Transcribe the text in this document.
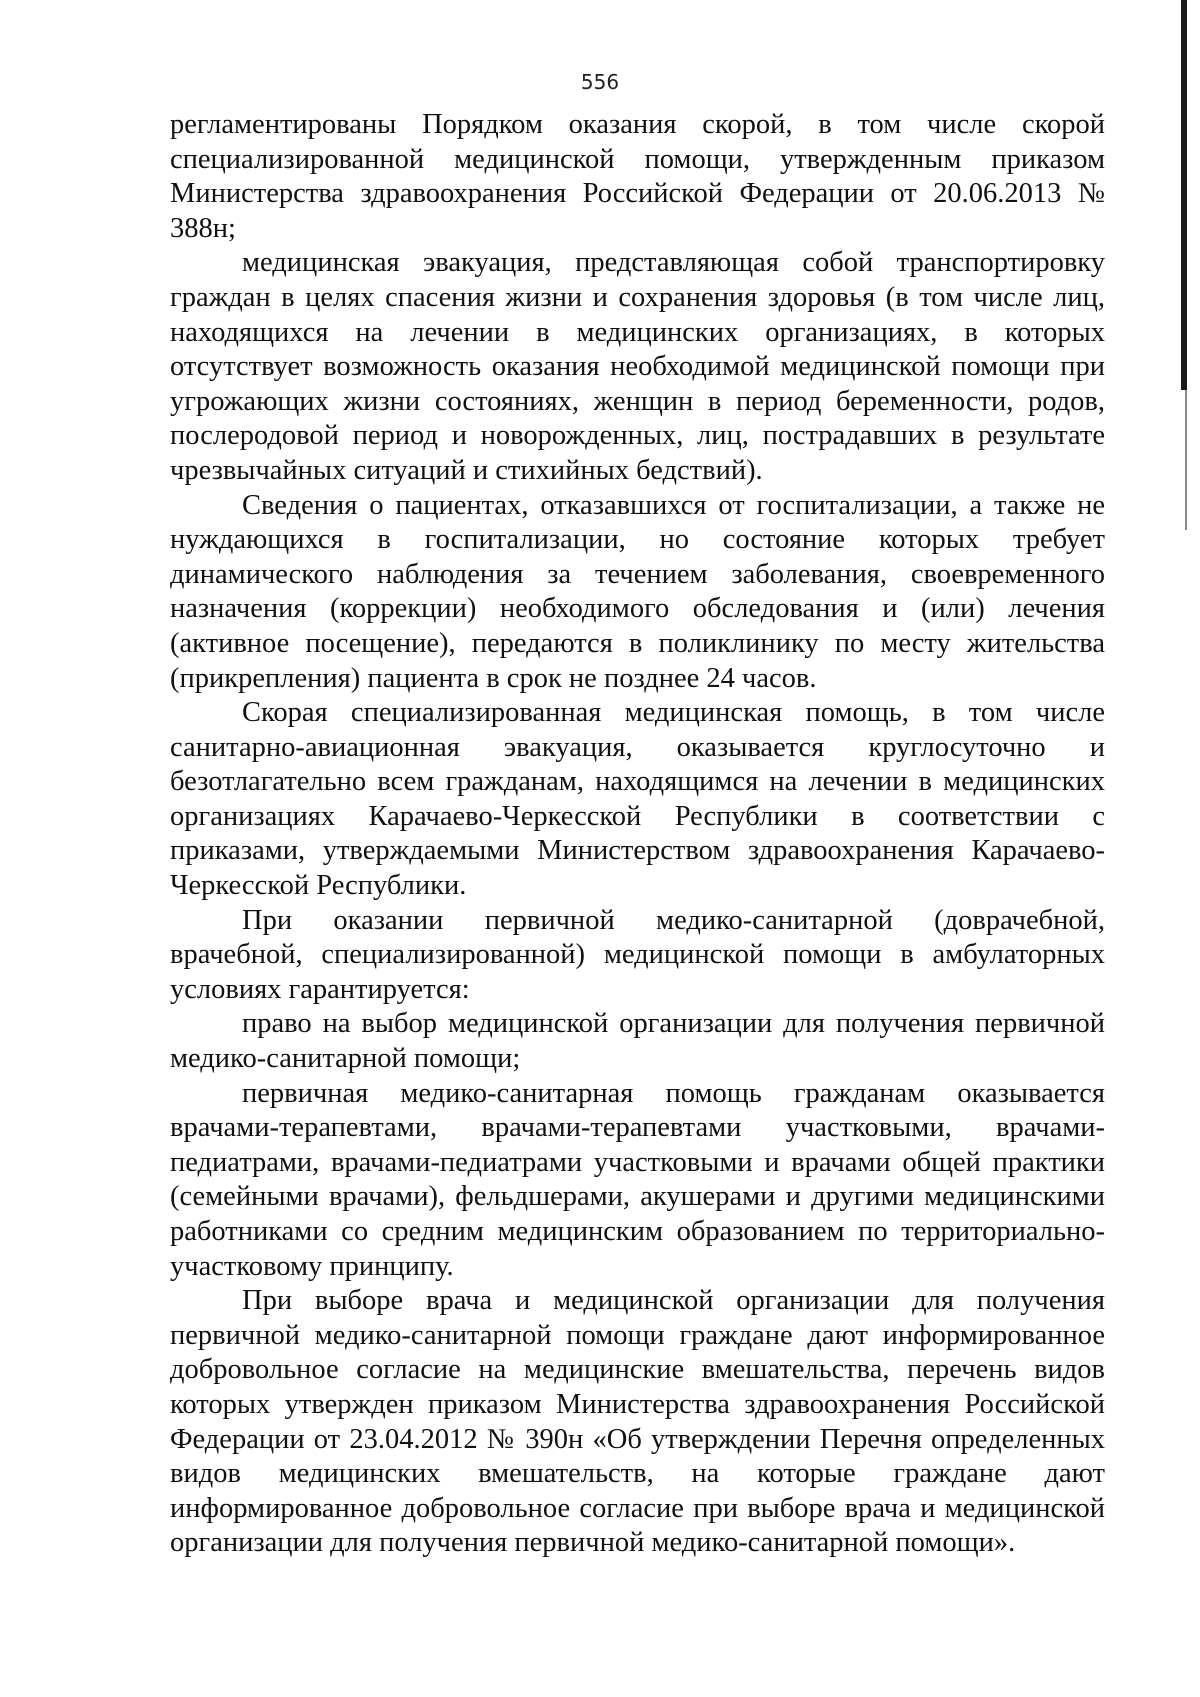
556

регламентированы Порядком оказания скорой, в том числе скорой специализированной медицинской помощи, утвержденным приказом Министерства здравоохранения Российской Федерации от 20.06.2013 № 388н;

медицинская эвакуация, представляющая собой транспортировку граждан в целях спасения жизни и сохранения здоровья (в том числе лиц, находящихся на лечении в медицинских организациях, в которых отсутствует возможность оказания необходимой медицинской помощи при угрожающих жизни состояниях, женщин в период беременности, родов, послеродовой период и новорожденных, лиц, пострадавших в результате чрезвычайных ситуаций и стихийных бедствий).

Сведения о пациентах, отказавшихся от госпитализации, а также не нуждающихся в госпитализации, но состояние которых требует динамического наблюдения за течением заболевания, своевременного назначения (коррекции) необходимого обследования и (или) лечения (активное посещение), передаются в поликлинику по месту жительства (прикрепления) пациента в срок не позднее 24 часов.

Скорая специализированная медицинская помощь, в том числе санитарно-авиационная эвакуация, оказывается круглосуточно и безотлагательно всем гражданам, находящимся на лечении в медицинских организациях Карачаево-Черкесской Республики в соответствии с приказами, утверждаемыми Министерством здравоохранения Карачаево-Черкесской Республики.

При оказании первичной медико-санитарной (доврачебной, врачебной, специализированной) медицинской помощи в амбулаторных условиях гарантируется:

право на выбор медицинской организации для получения первичной медико-санитарной помощи;

первичная медико-санитарная помощь гражданам оказывается врачами-терапевтами, врачами-терапевтами участковыми, врачами-педиатрами, врачами-педиатрами участковыми и врачами общей практики (семейными врачами), фельдшерами, акушерами и другими медицинскими работниками со средним медицинским образованием по территориально-участковому принципу.

При выборе врача и медицинской организации для получения первичной медико-санитарной помощи граждане дают информированное добровольное согласие на медицинские вмешательства, перечень видов которых утвержден приказом Министерства здравоохранения Российской Федерации от 23.04.2012 № 390н «Об утверждении Перечня определенных видов медицинских вмешательств, на которые граждане дают информированное добровольное согласие при выборе врача и медицинской организации для получения первичной медико-санитарной помощи».
